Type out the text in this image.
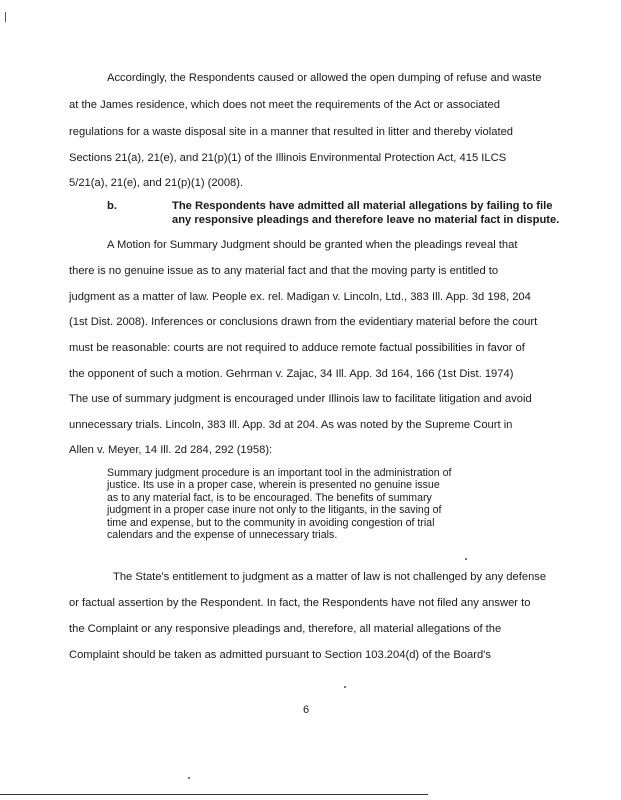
Accordingly, the Respondents caused or allowed the open dumping of refuse and waste
at the James residence, which does not meet the requirements of the Act or associated
regulations for a waste disposal site in a manner that resulted in litter and thereby violated
Sections 21(a), 21(e), and 21(p)(1) of the Illinois Environmental Protection Act, 415 ILCS
5/21(a), 21(e), and 21(p)(1) (2008).
b.	The Respondents have admitted all material allegations by failing to file
any responsive pleadings and therefore leave no material fact in dispute.
A Motion for Summary Judgment should be granted when the pleadings reveal that
there is no genuine issue as to any material fact and that the moving party is entitled to
judgment as a matter of law. People ex. rel. Madigan v. Lincoln, Ltd., 383 Ill. App. 3d 198, 204
(1st Dist. 2008). Inferences or conclusions drawn from the evidentiary material before the court
must be reasonable: courts are not required to adduce remote factual possibilities in favor of
the opponent of such a motion. Gehrman v. Zajac, 34 Ill. App. 3d 164, 166 (1st Dist. 1974)
The use of summary judgment is encouraged under Illinois law to facilitate litigation and avoid
unnecessary trials. Lincoln, 383 Ill. App. 3d at 204. As was noted by the Supreme Court in
Allen v. Meyer, 14 Ill. 2d 284, 292 (1958):
Summary judgment procedure is an important tool in the administration of
justice. Its use in a proper case, wherein is presented no genuine issue
as to any material fact, is to be encouraged. The benefits of summary
judgment in a proper case inure not only to the litigants, in the saving of
time and expense, but to the community in avoiding congestion of trial
calendars and the expense of unnecessary trials.
The State's entitlement to judgment as a matter of law is not challenged by any defense
or factual assertion by the Respondent. In fact, the Respondents have not filed any answer to
the Complaint or any responsive pleadings and, therefore, all material allegations of the
Complaint should be taken as admitted pursuant to Section 103.204(d) of the Board's
6
